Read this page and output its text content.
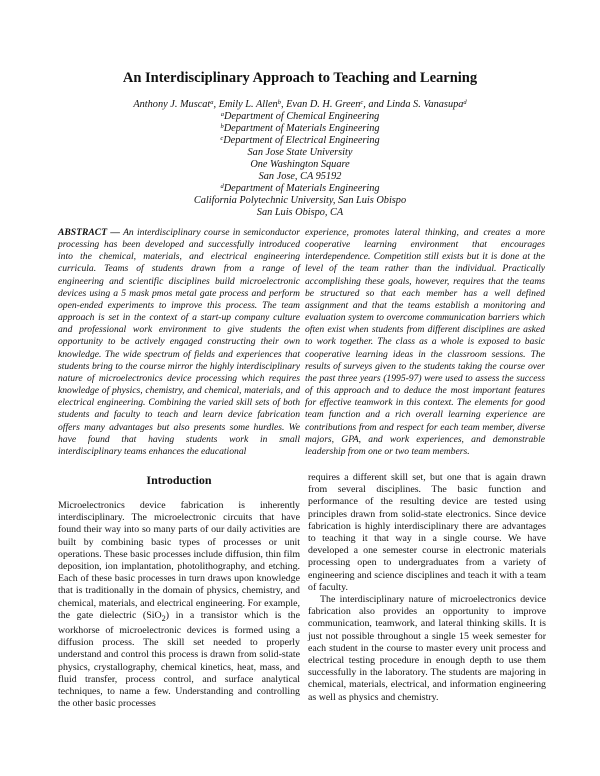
An Interdisciplinary Approach to Teaching and Learning
Anthony J. Muscat$^a$, Emily L. Allen$^b$, Evan D. H. Green$^c$, and Linda S. Vanasupa$^d$
$^a$Department of Chemical Engineering
$^b$Department of Materials Engineering
$^c$Department of Electrical Engineering
San Jose State University
One Washington Square
San Jose, CA 95192
$^d$Department of Materials Engineering
California Polytechnic University, San Luis Obispo
San Luis Obispo, CA
ABSTRACT — An interdisciplinary course in semiconductor processing has been developed and successfully introduced into the chemical, materials, and electrical engineering curricula. Teams of students drawn from a range of engineering and scientific disciplines build microelectronic devices using a 5 mask pmos metal gate process and perform open-ended experiments to improve this process. The team approach is set in the context of a start-up company culture and professional work environment to give students the opportunity to be actively engaged constructing their own knowledge. The wide spectrum of fields and experiences that students bring to the course mirror the highly interdisciplinary nature of microelectronics device processing which requires knowledge of physics, chemistry, and chemical, materials, and electrical engineering. Combining the varied skill sets of both students and faculty to teach and learn device fabrication offers many advantages but also presents some hurdles. We have found that having students work in small interdisciplinary teams enhances the educational
experience, promotes lateral thinking, and creates a more cooperative learning environment that encourages interdependence. Competition still exists but it is done at the level of the team rather than the individual. Practically accomplishing these goals, however, requires that the teams be structured so that each member has a well defined assignment and that the teams establish a monitoring and evaluation system to overcome communication barriers which often exist when students from different disciplines are asked to work together. The class as a whole is exposed to basic cooperative learning ideas in the classroom sessions. The results of surveys given to the students taking the course over the past three years (1995-97) were used to assess the success of this approach and to deduce the most important features for effective teamwork in this context. The elements for good team function and a rich overall learning experience are contributions from and respect for each team member, diverse majors, GPA, and work experiences, and demonstrable leadership from one or two team members.
Introduction
Microelectronics device fabrication is inherently interdisciplinary. The microelectronic circuits that have found their way into so many parts of our daily activities are built by combining basic types of processes or unit operations. These basic processes include diffusion, thin film deposition, ion implantation, photolithography, and etching. Each of these basic processes in turn draws upon knowledge that is traditionally in the domain of physics, chemistry, and chemical, materials, and electrical engineering. For example, the gate dielectric (SiO$_2$) in a transistor which is the workhorse of microelectronic devices is formed using a diffusion process. The skill set needed to properly understand and control this process is drawn from solid-state physics, crystallography, chemical kinetics, heat, mass, and fluid transfer, process control, and surface analytical techniques, to name a few. Understanding and controlling the other basic processes

requires a different skill set, but one that is again drawn from several disciplines. The basic function and performance of the resulting device are tested using principles drawn from solid-state electronics. Since device fabrication is highly interdisciplinary there are advantages to teaching it that way in a single course. We have developed a one semester course in electronic materials processing open to undergraduates from a variety of engineering and science disciplines and teach it with a team of faculty.

The interdisciplinary nature of microelectronics device fabrication also provides an opportunity to improve communication, teamwork, and lateral thinking skills. It is just not possible throughout a single 15 week semester for each student in the course to master every unit process and electrical testing procedure in enough depth to use them successfully in the laboratory. The students are majoring in chemical, materials, electrical, and information engineering as well as physics and chemistry.
